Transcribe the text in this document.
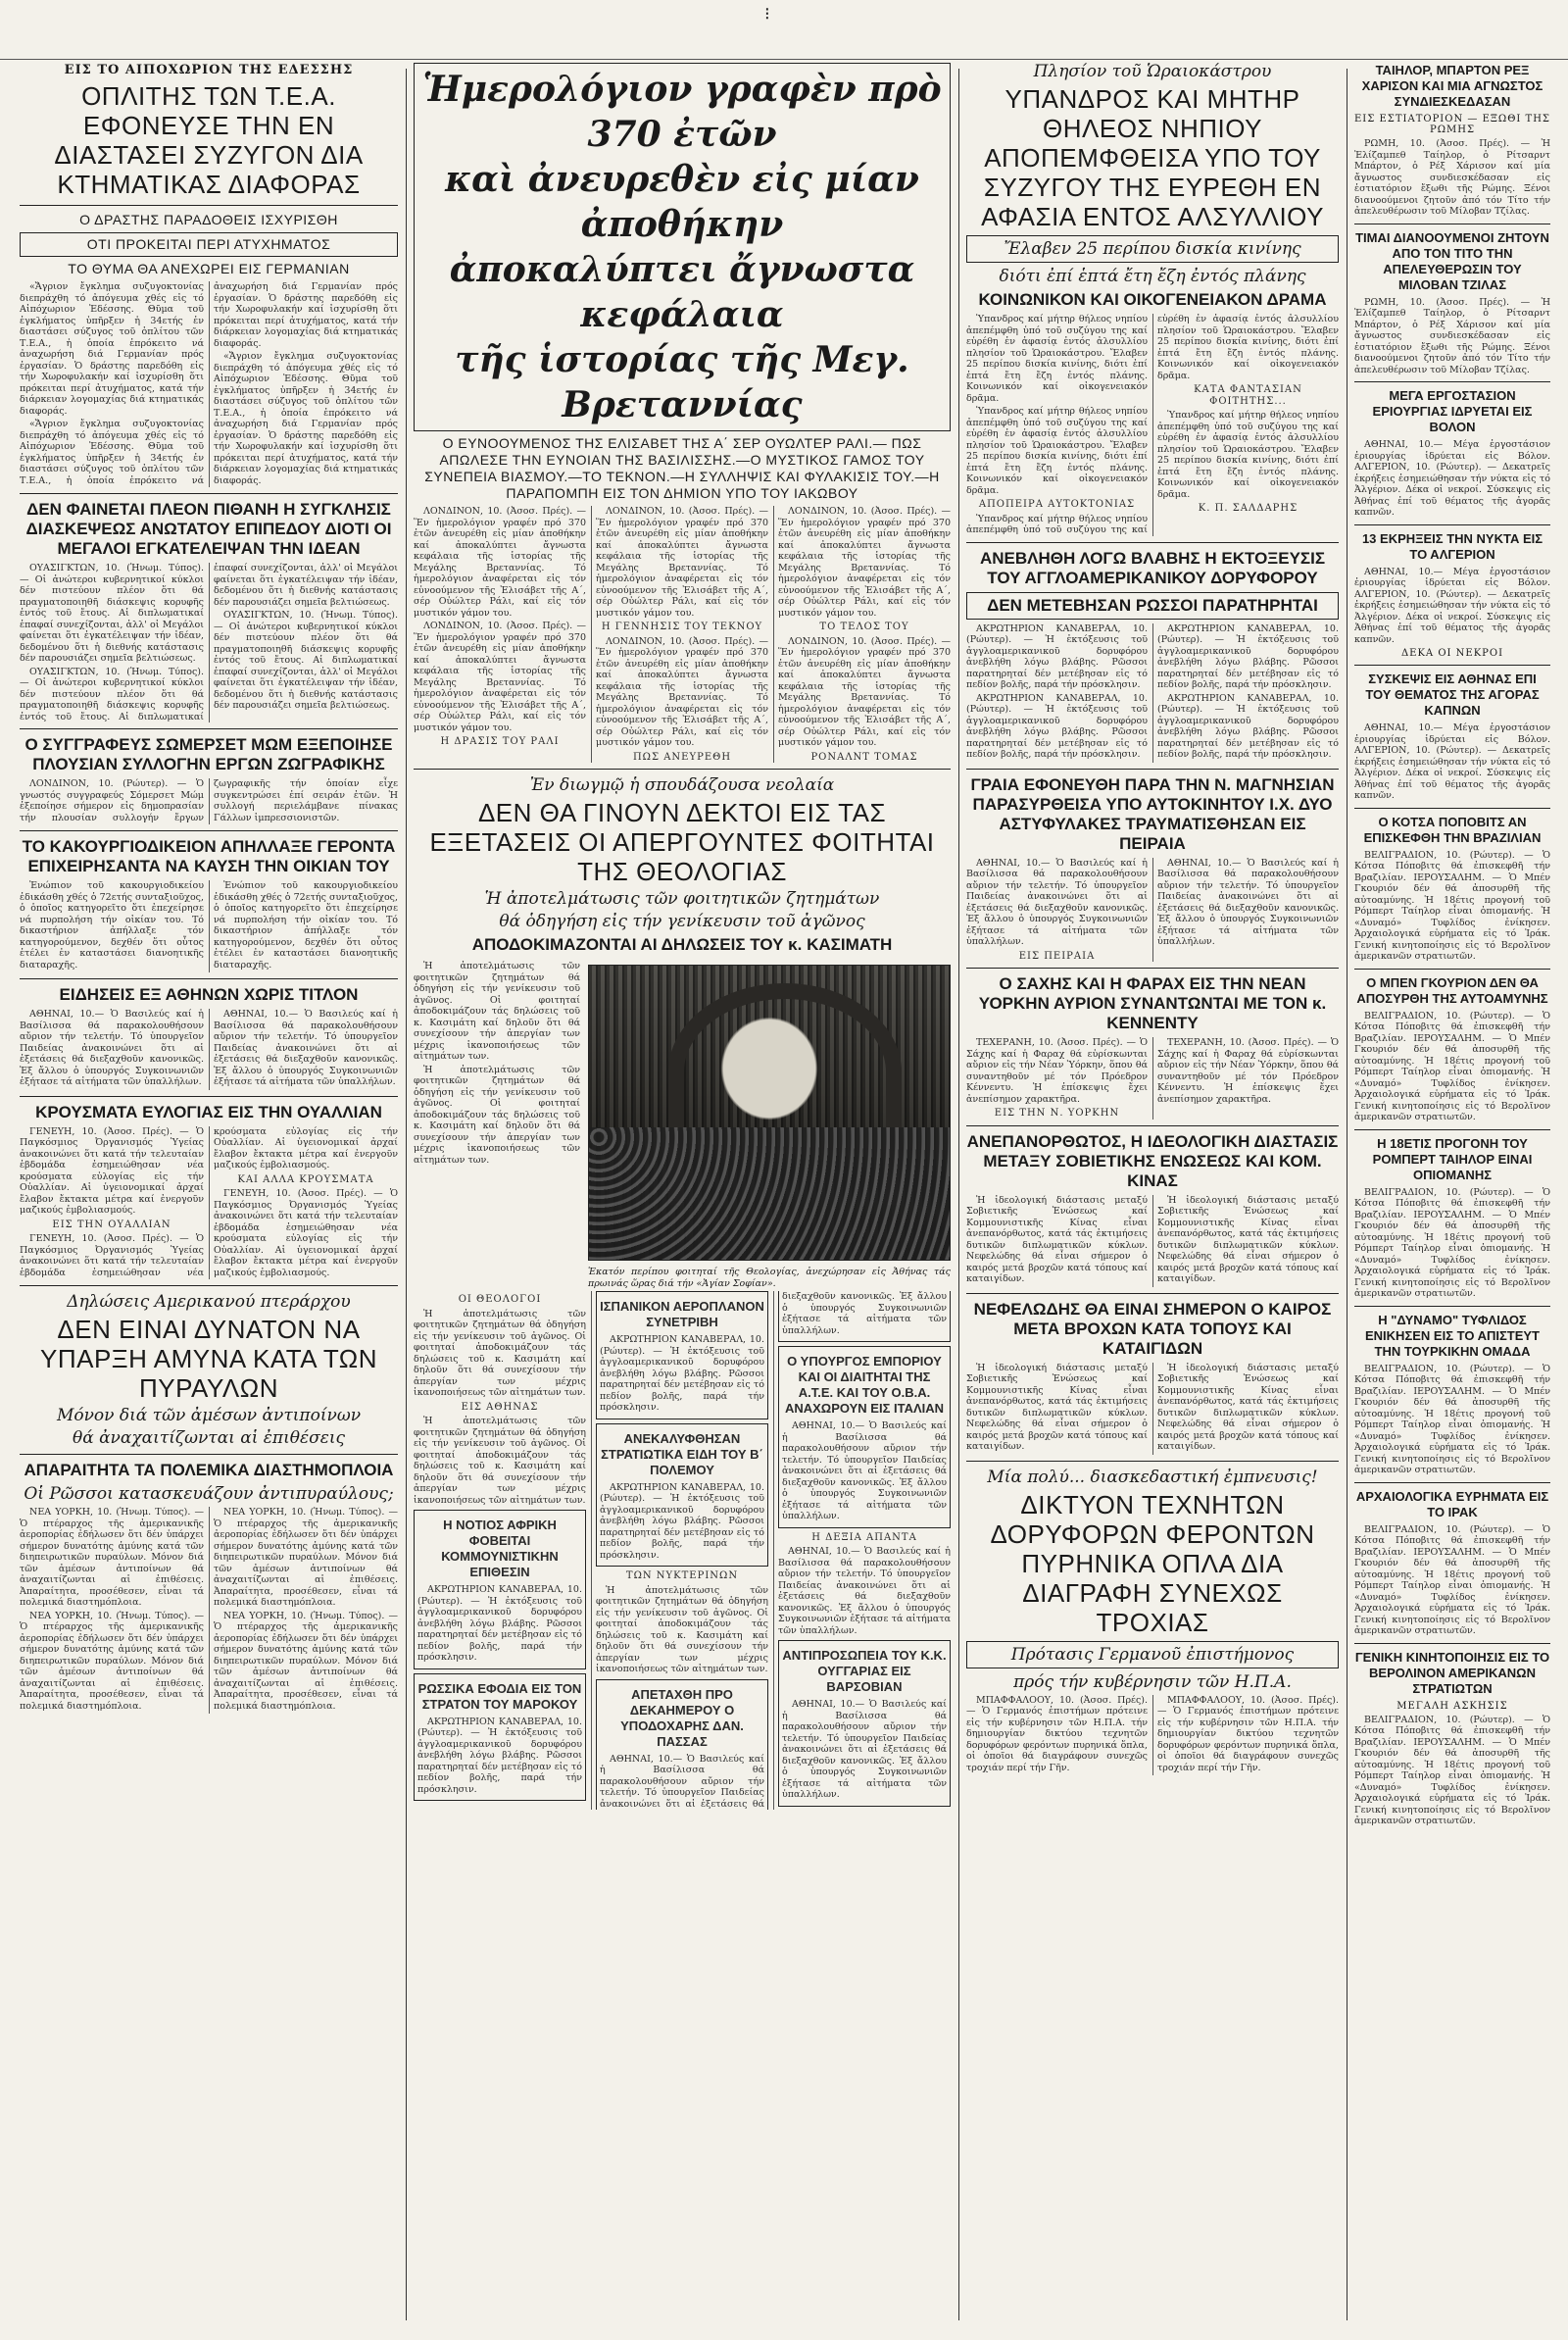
⁝
ΕΙΣ ΤΟ ΑΙΠΟΧΩΡΙΟΝ ΤΗΣ ΕΔΕΣΣΗΣ
ΟΠΛΙΤΗΣ ΤΩΝ Τ.Ε.Α. ΕΦΟΝΕΥΣΕ ΤΗΝ ΕΝ ΔΙΑΣΤΑΣΕΙ ΣΥΖΥΓΟΝ ΔΙΑ ΚΤΗΜΑΤΙΚΑΣ ΔΙΑΦΟΡΑΣ
Ο ΔΡΑΣΤΗΣ ΠΑΡΑΔΟΘΕΙΣ ΙΣΧΥΡΙΣΘΗ
ΟΤΙ ΠΡΟΚΕΙΤΑΙ ΠΕΡΙ ΑΤΥΧΗΜΑΤΟΣ
ΤΟ ΘΥΜΑ ΘΑ ΑΝΕΧΩΡΕΙ ΕΙΣ ΓΕΡΜΑΝΙΑΝ

«Ἄγριον ἔγκλημα συζυγοκτονίας διεπράχθη τό ἀπόγευμα χθές εἰς τό Αἰπόχωριον Ἐδέσσης. Θῦμα τοῦ ἐγκλήματος ὑπῆρξεν ἡ 34ετής ἐν διαστάσει σύζυγος τοῦ ὁπλίτου τῶν Τ.Ε.Α., ἡ ὁποία ἐπρόκειτο νά ἀναχωρήση διά Γερμανίαν πρός ἐργασίαν. Ὁ δράστης παρεδόθη εἰς τήν Χωροφυλακήν καί ἰσχυρίσθη ὅτι πρόκειται περί ἀτυχήματος, κατά τήν διάρκειαν λογομαχίας διά κτηματικάς διαφοράς.

«Ἄγριον ἔγκλημα συζυγοκτονίας διεπράχθη τό ἀπόγευμα χθές εἰς τό Αἰπόχωριον Ἐδέσσης. Θῦμα τοῦ ἐγκλήματος ὑπῆρξεν ἡ 34ετής ἐν διαστάσει σύζυγος τοῦ ὁπλίτου τῶν Τ.Ε.Α., ἡ ὁποία ἐπρόκειτο νά ἀναχωρήση διά Γερμανίαν πρός ἐργασίαν. Ὁ δράστης παρεδόθη εἰς τήν Χωροφυλακήν καί ἰσχυρίσθη ὅτι πρόκειται περί ἀτυχήματος, κατά τήν διάρκειαν λογομαχίας διά κτηματικάς διαφοράς.

«Ἄγριον ἔγκλημα συζυγοκτονίας διεπράχθη τό ἀπόγευμα χθές εἰς τό Αἰπόχωριον Ἐδέσσης. Θῦμα τοῦ ἐγκλήματος ὑπῆρξεν ἡ 34ετής ἐν διαστάσει σύζυγος τοῦ ὁπλίτου τῶν Τ.Ε.Α., ἡ ὁποία ἐπρόκειτο νά ἀναχωρήση διά Γερμανίαν πρός ἐργασίαν. Ὁ δράστης παρεδόθη εἰς τήν Χωροφυλακήν καί ἰσχυρίσθη ὅτι πρόκειται περί ἀτυχήματος, κατά τήν διάρκειαν λογομαχίας διά κτηματικάς διαφοράς.

ΔΕΝ ΦΑΙΝΕΤΑΙ ΠΛΕΟΝ ΠΙΘΑΝΗ Η ΣΥΓΚΛΗΣΙΣ ΔΙΑΣΚΕΨΕΩΣ ΑΝΩΤΑΤΟΥ ΕΠΙΠΕΔΟΥ ΔΙΟΤΙ ΟΙ ΜΕΓΑΛΟΙ ΕΓΚΑΤΕΛΕΙΨΑΝ ΤΗΝ ΙΔΕΑΝ

ΟΥΑΣΙΓΚΤΩΝ, 10. (Ἡνωμ. Τύπος). — Οἱ ἀνώτεροι κυβερνητικοί κύκλοι δέν πιστεύουν πλέον ὅτι θά πραγματοποιηθῆ διάσκεψις κορυφῆς ἐντός τοῦ ἔτους. Αἱ διπλωματικαί ἐπαφαί συνεχίζονται, ἀλλ' οἱ Μεγάλοι φαίνεται ὅτι ἐγκατέλειψαν τήν ἰδέαν, δεδομένου ὅτι ἡ διεθνής κατάστασις δέν παρουσιάζει σημεῖα βελτιώσεως.

ΟΥΑΣΙΓΚΤΩΝ, 10. (Ἡνωμ. Τύπος). — Οἱ ἀνώτεροι κυβερνητικοί κύκλοι δέν πιστεύουν πλέον ὅτι θά πραγματοποιηθῆ διάσκεψις κορυφῆς ἐντός τοῦ ἔτους. Αἱ διπλωματικαί ἐπαφαί συνεχίζονται, ἀλλ' οἱ Μεγάλοι φαίνεται ὅτι ἐγκατέλειψαν τήν ἰδέαν, δεδομένου ὅτι ἡ διεθνής κατάστασις δέν παρουσιάζει σημεῖα βελτιώσεως.

ΟΥΑΣΙΓΚΤΩΝ, 10. (Ἡνωμ. Τύπος). — Οἱ ἀνώτεροι κυβερνητικοί κύκλοι δέν πιστεύουν πλέον ὅτι θά πραγματοποιηθῆ διάσκεψις κορυφῆς ἐντός τοῦ ἔτους. Αἱ διπλωματικαί ἐπαφαί συνεχίζονται, ἀλλ' οἱ Μεγάλοι φαίνεται ὅτι ἐγκατέλειψαν τήν ἰδέαν, δεδομένου ὅτι ἡ διεθνής κατάστασις δέν παρουσιάζει σημεῖα βελτιώσεως.

Ο ΣΥΓΓΡΑΦΕΥΣ ΣΩΜΕΡΣΕΤ ΜΩΜ ΕΞΕΠΟΙΗΣΕ ΠΛΟΥΣΙΑΝ ΣΥΛΛΟΓΗΝ ΕΡΓΩΝ ΖΩΓΡΑΦΙΚΗΣ

ΛΟΝΔΙΝΟΝ, 10. (Ρώυτερ). — Ὁ γνωστός συγγραφεύς Σόμερσετ Μώμ ἐξεποίησε σήμερον εἰς δημοπρασίαν τήν πλουσίαν συλλογήν ἔργων ζωγραφικῆς τήν ὁποίαν εἶχε συγκεντρώσει ἐπί σειράν ἐτῶν. Ἡ συλλογή περιελάμβανε πίνακας Γάλλων ἱμπρεσσιονιστῶν.

ΤΟ ΚΑΚΟΥΡΓΙΟΔΙΚΕΙΟΝ ΑΠΗΛΛΑΞΕ ΓΕΡΟΝΤΑ ΕΠΙΧΕΙΡΗΣΑΝΤΑ ΝΑ ΚΑΥΣΗ ΤΗΝ ΟΙΚΙΑΝ ΤΟΥ

Ἐνώπιον τοῦ κακουργιοδικείου ἐδικάσθη χθές ὁ 72ετής συνταξιοῦχος, ὁ ὁποῖος κατηγορεῖτο ὅτι ἐπεχείρησε νά πυρπολήση τήν οἰκίαν του. Τό δικαστήριον ἀπήλλαξε τόν κατηγορούμενον, δεχθέν ὅτι οὗτος ἐτέλει ἐν καταστάσει διανοητικῆς διαταραχῆς.

Ἐνώπιον τοῦ κακουργιοδικείου ἐδικάσθη χθές ὁ 72ετής συνταξιοῦχος, ὁ ὁποῖος κατηγορεῖτο ὅτι ἐπεχείρησε νά πυρπολήση τήν οἰκίαν του. Τό δικαστήριον ἀπήλλαξε τόν κατηγορούμενον, δεχθέν ὅτι οὗτος ἐτέλει ἐν καταστάσει διανοητικῆς διαταραχῆς.

ΕΙΔΗΣΕΙΣ ΕΞ ΑΘΗΝΩΝ ΧΩΡΙΣ ΤΙΤΛΟΝ

ΑΘΗΝΑΙ, 10.— Ὁ Βασιλεύς καί ἡ Βασίλισσα θά παρακολουθήσουν αὔριον τήν τελετήν. Τό ὑπουργεῖον Παιδείας ἀνακοινώνει ὅτι αἱ ἐξετάσεις θά διεξαχθοῦν κανονικῶς. Ἐξ ἄλλου ὁ ὑπουργός Συγκοινωνιῶν ἐξήτασε τά αἰτήματα τῶν ὑπαλλήλων.

ΑΘΗΝΑΙ, 10.— Ὁ Βασιλεύς καί ἡ Βασίλισσα θά παρακολουθήσουν αὔριον τήν τελετήν. Τό ὑπουργεῖον Παιδείας ἀνακοινώνει ὅτι αἱ ἐξετάσεις θά διεξαχθοῦν κανονικῶς. Ἐξ ἄλλου ὁ ὑπουργός Συγκοινωνιῶν ἐξήτασε τά αἰτήματα τῶν ὑπαλλήλων.

ΚΡΟΥΣΜΑΤΑ ΕΥΛΟΓΙΑΣ ΕΙΣ ΤΗΝ ΟΥΑΛΛΙΑΝ

ΓΕΝΕΥΗ, 10. (Ἀσοσ. Πρές). — Ὁ Παγκόσμιος Ὀργανισμός Ὑγείας ἀνακοινώνει ὅτι κατά τήν τελευταίαν ἑβδομάδα ἐσημειώθησαν νέα κρούσματα εὐλογίας εἰς τήν Οὐαλλίαν. Αἱ ὑγειονομικαί ἀρχαί ἔλαβον ἔκτακτα μέτρα καί ἐνεργοῦν μαζικούς ἐμβολιασμούς.

ΕΙΣ ΤΗΝ ΟΥΑΛΛΙΑΝ

ΓΕΝΕΥΗ, 10. (Ἀσοσ. Πρές). — Ὁ Παγκόσμιος Ὀργανισμός Ὑγείας ἀνακοινώνει ὅτι κατά τήν τελευταίαν ἑβδομάδα ἐσημειώθησαν νέα κρούσματα εὐλογίας εἰς τήν Οὐαλλίαν. Αἱ ὑγειονομικαί ἀρχαί ἔλαβον ἔκτακτα μέτρα καί ἐνεργοῦν μαζικούς ἐμβολιασμούς.

ΚΑΙ ΑΛΛΑ ΚΡΟΥΣΜΑΤΑ

ΓΕΝΕΥΗ, 10. (Ἀσοσ. Πρές). — Ὁ Παγκόσμιος Ὀργανισμός Ὑγείας ἀνακοινώνει ὅτι κατά τήν τελευταίαν ἑβδομάδα ἐσημειώθησαν νέα κρούσματα εὐλογίας εἰς τήν Οὐαλλίαν. Αἱ ὑγειονομικαί ἀρχαί ἔλαβον ἔκτακτα μέτρα καί ἐνεργοῦν μαζικούς ἐμβολιασμούς.

Δηλώσεις Αμερικανού πτεράρχου
ΔΕΝ ΕΙΝΑΙ ΔΥΝΑΤΟΝ ΝΑ ΥΠΑΡΞΗ ΑΜΥΝΑ ΚΑΤΑ ΤΩΝ ΠΥΡΑΥΛΩΝ
Μόνον διά τῶν ἀμέσων ἀντιποίνων
θά ἀναχαιτίζωνται αἱ ἐπιθέσεις
ΑΠΑΡΑΙΤΗΤΑ ΤΑ ΠΟΛΕΜΙΚΑ ΔΙΑΣΤΗΜΟΠΛΟΙΑ
Οἱ Ρῶσσοι κατασκευάζουν ἀντιπυραύλους;

ΝΕΑ ΥΟΡΚΗ, 10. (Ἡνωμ. Τύπος). — Ὁ πτέραρχος τῆς ἀμερικανικῆς ἀεροπορίας ἐδήλωσεν ὅτι δέν ὑπάρχει σήμερον δυνατότης ἀμύνης κατά τῶν διηπειρωτικῶν πυραύλων. Μόνον διά τῶν ἀμέσων ἀντιποίνων θά ἀναχαιτίζωνται αἱ ἐπιθέσεις. Ἀπαραίτητα, προσέθεσεν, εἶναι τά πολεμικά διαστημόπλοια.

ΝΕΑ ΥΟΡΚΗ, 10. (Ἡνωμ. Τύπος). — Ὁ πτέραρχος τῆς ἀμερικανικῆς ἀεροπορίας ἐδήλωσεν ὅτι δέν ὑπάρχει σήμερον δυνατότης ἀμύνης κατά τῶν διηπειρωτικῶν πυραύλων. Μόνον διά τῶν ἀμέσων ἀντιποίνων θά ἀναχαιτίζωνται αἱ ἐπιθέσεις. Ἀπαραίτητα, προσέθεσεν, εἶναι τά πολεμικά διαστημόπλοια.

ΝΕΑ ΥΟΡΚΗ, 10. (Ἡνωμ. Τύπος). — Ὁ πτέραρχος τῆς ἀμερικανικῆς ἀεροπορίας ἐδήλωσεν ὅτι δέν ὑπάρχει σήμερον δυνατότης ἀμύνης κατά τῶν διηπειρωτικῶν πυραύλων. Μόνον διά τῶν ἀμέσων ἀντιποίνων θά ἀναχαιτίζωνται αἱ ἐπιθέσεις. Ἀπαραίτητα, προσέθεσεν, εἶναι τά πολεμικά διαστημόπλοια.

ΝΕΑ ΥΟΡΚΗ, 10. (Ἡνωμ. Τύπος). — Ὁ πτέραρχος τῆς ἀμερικανικῆς ἀεροπορίας ἐδήλωσεν ὅτι δέν ὑπάρχει σήμερον δυνατότης ἀμύνης κατά τῶν διηπειρωτικῶν πυραύλων. Μόνον διά τῶν ἀμέσων ἀντιποίνων θά ἀναχαιτίζωνται αἱ ἐπιθέσεις. Ἀπαραίτητα, προσέθεσεν, εἶναι τά πολεμικά διαστημόπλοια.

Ἡμερολόγιον γραφὲν πρὸ 370 ἐτῶν
καὶ ἀνευρεθὲν εἰς μίαν ἀποθήκην
ἀποκαλύπτει ἄγνωστα κεφάλαια
τῆς ἱστορίας τῆς Μεγ. Βρεταννίας
Ο ΕΥΝΟΟΥΜΕΝΟΣ ΤΗΣ ΕΛΙΣΑΒΕΤ ΤΗΣ Α΄ ΣΕΡ ΟΥΩΛΤΕΡ ΡΑΛΙ.— ΠΩΣ ΑΠΩΛΕΣΕ ΤΗΝ ΕΥΝΟΙΑΝ ΤΗΣ ΒΑΣΙΛΙΣΣΗΣ.—Ο ΜΥΣΤΙΚΟΣ ΓΑΜΟΣ ΤΟΥ ΣΥΝΕΠΕΙΑ ΒΙΑΣΜΟΥ.—ΤΟ ΤΕΚΝΟΝ.—Η ΣΥΛΛΗΨΙΣ ΚΑΙ ΦΥΛΑΚΙΣΙΣ ΤΟΥ.—Η ΠΑΡΑΠΟΜΠΗ ΕΙΣ ΤΟΝ ΔΗΜΙΟΝ ΥΠΟ ΤΟΥ ΙΑΚΩΒΟΥ

ΛΟΝΔΙΝΟΝ, 10. (Ἀσοσ. Πρές). — Ἕν ἡμερολόγιον γραφέν πρό 370 ἐτῶν ἀνευρέθη εἰς μίαν ἀποθήκην καί ἀποκαλύπτει ἄγνωστα κεφάλαια τῆς ἱστορίας τῆς Μεγάλης Βρεταννίας. Τό ἡμερολόγιον ἀναφέρεται εἰς τόν εὐνοούμενον τῆς Ἐλισάβετ τῆς Α΄, σέρ Οὐώλτερ Ράλι, καί εἰς τόν μυστικόν γάμον του.

ΛΟΝΔΙΝΟΝ, 10. (Ἀσοσ. Πρές). — Ἕν ἡμερολόγιον γραφέν πρό 370 ἐτῶν ἀνευρέθη εἰς μίαν ἀποθήκην καί ἀποκαλύπτει ἄγνωστα κεφάλαια τῆς ἱστορίας τῆς Μεγάλης Βρεταννίας. Τό ἡμερολόγιον ἀναφέρεται εἰς τόν εὐνοούμενον τῆς Ἐλισάβετ τῆς Α΄, σέρ Οὐώλτερ Ράλι, καί εἰς τόν μυστικόν γάμον του.

Η ΔΡΑΣΙΣ ΤΟΥ ΡΑΛΙ

ΛΟΝΔΙΝΟΝ, 10. (Ἀσοσ. Πρές). — Ἕν ἡμερολόγιον γραφέν πρό 370 ἐτῶν ἀνευρέθη εἰς μίαν ἀποθήκην καί ἀποκαλύπτει ἄγνωστα κεφάλαια τῆς ἱστορίας τῆς Μεγάλης Βρεταννίας. Τό ἡμερολόγιον ἀναφέρεται εἰς τόν εὐνοούμενον τῆς Ἐλισάβετ τῆς Α΄, σέρ Οὐώλτερ Ράλι, καί εἰς τόν μυστικόν γάμον του.

Η ΓΕΝΝΗΣΙΣ ΤΟΥ ΤΕΚΝΟΥ

ΛΟΝΔΙΝΟΝ, 10. (Ἀσοσ. Πρές). — Ἕν ἡμερολόγιον γραφέν πρό 370 ἐτῶν ἀνευρέθη εἰς μίαν ἀποθήκην καί ἀποκαλύπτει ἄγνωστα κεφάλαια τῆς ἱστορίας τῆς Μεγάλης Βρεταννίας. Τό ἡμερολόγιον ἀναφέρεται εἰς τόν εὐνοούμενον τῆς Ἐλισάβετ τῆς Α΄, σέρ Οὐώλτερ Ράλι, καί εἰς τόν μυστικόν γάμον του.

ΠΩΣ ΑΝΕΥΡΕΘΗ

ΛΟΝΔΙΝΟΝ, 10. (Ἀσοσ. Πρές). — Ἕν ἡμερολόγιον γραφέν πρό 370 ἐτῶν ἀνευρέθη εἰς μίαν ἀποθήκην καί ἀποκαλύπτει ἄγνωστα κεφάλαια τῆς ἱστορίας τῆς Μεγάλης Βρεταννίας. Τό ἡμερολόγιον ἀναφέρεται εἰς τόν εὐνοούμενον τῆς Ἐλισάβετ τῆς Α΄, σέρ Οὐώλτερ Ράλι, καί εἰς τόν μυστικόν γάμον του.

ΤΟ ΤΕΛΟΣ ΤΟΥ

ΛΟΝΔΙΝΟΝ, 10. (Ἀσοσ. Πρές). — Ἕν ἡμερολόγιον γραφέν πρό 370 ἐτῶν ἀνευρέθη εἰς μίαν ἀποθήκην καί ἀποκαλύπτει ἄγνωστα κεφάλαια τῆς ἱστορίας τῆς Μεγάλης Βρεταννίας. Τό ἡμερολόγιον ἀναφέρεται εἰς τόν εὐνοούμενον τῆς Ἐλισάβετ τῆς Α΄, σέρ Οὐώλτερ Ράλι, καί εἰς τόν μυστικόν γάμον του.

ΡΟΝΑΛΝΤ ΤΟΜΑΣ
Ἐν διωγμῷ ἡ σπουδάζουσα νεολαία
ΔΕΝ ΘΑ ΓΙΝΟΥΝ ΔΕΚΤΟΙ ΕΙΣ ΤΑΣ ΕΞΕΤΑΣΕΙΣ ΟΙ ΑΠΕΡΓΟΥΝΤΕΣ ΦΟΙΤΗΤΑΙ ΤΗΣ ΘΕΟΛΟΓΙΑΣ
Ἡ ἀποτελμάτωσις τῶν φοιτητικῶν ζητημάτων
θά ὁδηγήση εἰς τήν γενίκευσιν τοῦ ἀγῶνος
ΑΠΟΔΟΚΙΜΑΖΟΝΤΑΙ ΑΙ ΔΗΛΩΣΕΙΣ ΤΟΥ κ. ΚΑΣΙΜΑΤΗ

Ἡ ἀποτελμάτωσις τῶν φοιτητικῶν ζητημάτων θά ὁδηγήση εἰς τήν γενίκευσιν τοῦ ἀγῶνος. Οἱ φοιτηταί ἀποδοκιμάζουν τάς δηλώσεις τοῦ κ. Κασιμάτη καί δηλοῦν ὅτι θά συνεχίσουν τήν ἀπεργίαν των μέχρις ἱκανοποιήσεως τῶν αἰτημάτων των.

Ἡ ἀποτελμάτωσις τῶν φοιτητικῶν ζητημάτων θά ὁδηγήση εἰς τήν γενίκευσιν τοῦ ἀγῶνος. Οἱ φοιτηταί ἀποδοκιμάζουν τάς δηλώσεις τοῦ κ. Κασιμάτη καί δηλοῦν ὅτι θά συνεχίσουν τήν ἀπεργίαν των μέχρις ἱκανοποιήσεως τῶν αἰτημάτων των.

Ἑκατόν περίπου φοιτηταί τῆς Θεολογίας, ἀνεχώρησαν εἰς Ἀθήνας τάς πρωινάς ὥρας διά τήν «Ἁγίαν Σοφίαν».
ΟΙ ΘΕΟΛΟΓΟΙ

Ἡ ἀποτελμάτωσις τῶν φοιτητικῶν ζητημάτων θά ὁδηγήση εἰς τήν γενίκευσιν τοῦ ἀγῶνος. Οἱ φοιτηταί ἀποδοκιμάζουν τάς δηλώσεις τοῦ κ. Κασιμάτη καί δηλοῦν ὅτι θά συνεχίσουν τήν ἀπεργίαν των μέχρις ἱκανοποιήσεως τῶν αἰτημάτων των.

ΕΙΣ ΑΘΗΝΑΣ

Ἡ ἀποτελμάτωσις τῶν φοιτητικῶν ζητημάτων θά ὁδηγήση εἰς τήν γενίκευσιν τοῦ ἀγῶνος. Οἱ φοιτηταί ἀποδοκιμάζουν τάς δηλώσεις τοῦ κ. Κασιμάτη καί δηλοῦν ὅτι θά συνεχίσουν τήν ἀπεργίαν των μέχρις ἱκανοποιήσεως τῶν αἰτημάτων των.

Η ΝΟΤΙΟΣ ΑΦΡΙΚΗ ΦΟΒΕΙΤΑΙ ΚΟΜΜΟΥΝΙΣΤΙΚΗΝ ΕΠΙΘΕΣΙΝ

ΑΚΡΩΤΗΡΙΟΝ ΚΑΝΑΒΕΡΑΛ, 10. (Ρώυτερ). — Ἡ ἐκτόξευσις τοῦ ἀγγλοαμερικανικοῦ δορυφόρου ἀνεβλήθη λόγω βλάβης. Ρῶσσοι παρατηρηταί δέν μετέβησαν εἰς τό πεδίον βολῆς, παρά τήν πρόσκλησιν.

ΡΩΣΣΙΚΑ ΕΦΟΔΙΑ ΕΙΣ ΤΟΝ ΣΤΡΑΤΟΝ ΤΟΥ ΜΑΡΟΚΟΥ

ΑΚΡΩΤΗΡΙΟΝ ΚΑΝΑΒΕΡΑΛ, 10. (Ρώυτερ). — Ἡ ἐκτόξευσις τοῦ ἀγγλοαμερικανικοῦ δορυφόρου ἀνεβλήθη λόγω βλάβης. Ρῶσσοι παρατηρηταί δέν μετέβησαν εἰς τό πεδίον βολῆς, παρά τήν πρόσκλησιν.

ΙΣΠΑΝΙΚΟΝ ΑΕΡΟΠΛΑΝΟΝ ΣΥΝΕΤΡΙΒΗ

ΑΚΡΩΤΗΡΙΟΝ ΚΑΝΑΒΕΡΑΛ, 10. (Ρώυτερ). — Ἡ ἐκτόξευσις τοῦ ἀγγλοαμερικανικοῦ δορυφόρου ἀνεβλήθη λόγω βλάβης. Ρῶσσοι παρατηρηταί δέν μετέβησαν εἰς τό πεδίον βολῆς, παρά τήν πρόσκλησιν.

ΑΝΕΚΑΛΥΦΘΗΣΑΝ ΣΤΡΑΤΙΩΤΙΚΑ ΕΙΔΗ ΤΟΥ Β΄ ΠΟΛΕΜΟΥ

ΑΚΡΩΤΗΡΙΟΝ ΚΑΝΑΒΕΡΑΛ, 10. (Ρώυτερ). — Ἡ ἐκτόξευσις τοῦ ἀγγλοαμερικανικοῦ δορυφόρου ἀνεβλήθη λόγω βλάβης. Ρῶσσοι παρατηρηταί δέν μετέβησαν εἰς τό πεδίον βολῆς, παρά τήν πρόσκλησιν.

ΤΩΝ ΝΥΚΤΕΡΙΝΩΝ

Ἡ ἀποτελμάτωσις τῶν φοιτητικῶν ζητημάτων θά ὁδηγήση εἰς τήν γενίκευσιν τοῦ ἀγῶνος. Οἱ φοιτηταί ἀποδοκιμάζουν τάς δηλώσεις τοῦ κ. Κασιμάτη καί δηλοῦν ὅτι θά συνεχίσουν τήν ἀπεργίαν των μέχρις ἱκανοποιήσεως τῶν αἰτημάτων των.

ΑΠΕΤΑΧΘΗ ΠΡΟ ΔΕΚΑΗΜΕΡΟΥ Ο ΥΠΟΔΟΧΑΡΗΣ ΔΑΝ. ΠΑΣΣΑΣ

ΑΘΗΝΑΙ, 10.— Ὁ Βασιλεύς καί ἡ Βασίλισσα θά παρακολουθήσουν αὔριον τήν τελετήν. Τό ὑπουργεῖον Παιδείας ἀνακοινώνει ὅτι αἱ ἐξετάσεις θά διεξαχθοῦν κανονικῶς. Ἐξ ἄλλου ὁ ὑπουργός Συγκοινωνιῶν ἐξήτασε τά αἰτήματα τῶν ὑπαλλήλων.

Ο ΥΠΟΥΡΓΟΣ ΕΜΠΟΡΙΟΥ ΚΑΙ ΟΙ ΔΙΑΙΤΗΤΑΙ ΤΗΣ Α.Τ.Ε. ΚΑΙ ΤΟΥ Ο.Β.Α. ΑΝΑΧΩΡΟΥΝ ΕΙΣ ΙΤΑΛΙΑΝ

ΑΘΗΝΑΙ, 10.— Ὁ Βασιλεύς καί ἡ Βασίλισσα θά παρακολουθήσουν αὔριον τήν τελετήν. Τό ὑπουργεῖον Παιδείας ἀνακοινώνει ὅτι αἱ ἐξετάσεις θά διεξαχθοῦν κανονικῶς. Ἐξ ἄλλου ὁ ὑπουργός Συγκοινωνιῶν ἐξήτασε τά αἰτήματα τῶν ὑπαλλήλων.

Η ΔΕΞΙΑ ΑΠΑΝΤΑ

ΑΘΗΝΑΙ, 10.— Ὁ Βασιλεύς καί ἡ Βασίλισσα θά παρακολουθήσουν αὔριον τήν τελετήν. Τό ὑπουργεῖον Παιδείας ἀνακοινώνει ὅτι αἱ ἐξετάσεις θά διεξαχθοῦν κανονικῶς. Ἐξ ἄλλου ὁ ὑπουργός Συγκοινωνιῶν ἐξήτασε τά αἰτήματα τῶν ὑπαλλήλων.

ΑΝΤΙΠΡΟΣΩΠΕΙΑ ΤΟΥ Κ.Κ. ΟΥΓΓΑΡΙΑΣ ΕΙΣ ΒΑΡΣΟΒΙΑΝ

ΑΘΗΝΑΙ, 10.— Ὁ Βασιλεύς καί ἡ Βασίλισσα θά παρακολουθήσουν αὔριον τήν τελετήν. Τό ὑπουργεῖον Παιδείας ἀνακοινώνει ὅτι αἱ ἐξετάσεις θά διεξαχθοῦν κανονικῶς. Ἐξ ἄλλου ὁ ὑπουργός Συγκοινωνιῶν ἐξήτασε τά αἰτήματα τῶν ὑπαλλήλων.

Πλησίον τοῦ Ὡραιοκάστρου
ΥΠΑΝΔΡΟΣ ΚΑΙ ΜΗΤΗΡ ΘΗΛΕΟΣ ΝΗΠΙΟΥ ΑΠΟΠΕΜΦΘΕΙΣΑ ΥΠΟ ΤΟΥ ΣΥΖΥΓΟΥ ΤΗΣ ΕΥΡΕΘΗ ΕΝ ΑΦΑΣΙΑ ΕΝΤΟΣ ΑΛΣΥΛΛΙΟΥ
Ἔλαβεν 25 περίπου δισκία κινίνης
διότι ἐπί ἑπτά ἔτη ἔζη ἐντός πλάνης
ΚΟΙΝΩΝΙΚΟΝ ΚΑΙ ΟΙΚΟΓΕΝΕΙΑΚΟΝ ΔΡΑΜΑ

Ὑπανδρος καί μήτηρ θήλεος νηπίου ἀπεπέμφθη ὑπό τοῦ συζύγου της καί εὑρέθη ἐν ἀφασίᾳ ἐντός ἀλσυλλίου πλησίον τοῦ Ὡραιοκάστρου. Ἔλαβεν 25 περίπου δισκία κινίνης, διότι ἐπί ἑπτά ἔτη ἔζη ἐντός πλάνης. Κοινωνικόν καί οἰκογενειακόν δρᾶμα.

Ὑπανδρος καί μήτηρ θήλεος νηπίου ἀπεπέμφθη ὑπό τοῦ συζύγου της καί εὑρέθη ἐν ἀφασίᾳ ἐντός ἀλσυλλίου πλησίον τοῦ Ὡραιοκάστρου. Ἔλαβεν 25 περίπου δισκία κινίνης, διότι ἐπί ἑπτά ἔτη ἔζη ἐντός πλάνης. Κοινωνικόν καί οἰκογενειακόν δρᾶμα.

ΑΠΟΠΕΙΡΑ ΑΥΤΟΚΤΟΝΙΑΣ

Ὑπανδρος καί μήτηρ θήλεος νηπίου ἀπεπέμφθη ὑπό τοῦ συζύγου της καί εὑρέθη ἐν ἀφασίᾳ ἐντός ἀλσυλλίου πλησίον τοῦ Ὡραιοκάστρου. Ἔλαβεν 25 περίπου δισκία κινίνης, διότι ἐπί ἑπτά ἔτη ἔζη ἐντός πλάνης. Κοινωνικόν καί οἰκογενειακόν δρᾶμα.

ΚΑΤΑ ΦΑΝΤΑΣΙΑΝ ΦΟΙΤΗΤΗΣ...

Ὑπανδρος καί μήτηρ θήλεος νηπίου ἀπεπέμφθη ὑπό τοῦ συζύγου της καί εὑρέθη ἐν ἀφασίᾳ ἐντός ἀλσυλλίου πλησίον τοῦ Ὡραιοκάστρου. Ἔλαβεν 25 περίπου δισκία κινίνης, διότι ἐπί ἑπτά ἔτη ἔζη ἐντός πλάνης. Κοινωνικόν καί οἰκογενειακόν δρᾶμα.

Κ. Π. ΣΑΛΔΑΡΗΣ
ΑΝΕΒΛΗΘΗ ΛΟΓΩ ΒΛΑΒΗΣ Η ΕΚΤΟΞΕΥΣΙΣ ΤΟΥ ΑΓΓΛΟΑΜΕΡΙΚΑΝΙΚΟΥ ΔΟΡΥΦΟΡΟΥ
ΔΕΝ ΜΕΤΕΒΗΣΑΝ ΡΩΣΣΟΙ ΠΑΡΑΤΗΡΗΤΑΙ

ΑΚΡΩΤΗΡΙΟΝ ΚΑΝΑΒΕΡΑΛ, 10. (Ρώυτερ). — Ἡ ἐκτόξευσις τοῦ ἀγγλοαμερικανικοῦ δορυφόρου ἀνεβλήθη λόγω βλάβης. Ρῶσσοι παρατηρηταί δέν μετέβησαν εἰς τό πεδίον βολῆς, παρά τήν πρόσκλησιν.

ΑΚΡΩΤΗΡΙΟΝ ΚΑΝΑΒΕΡΑΛ, 10. (Ρώυτερ). — Ἡ ἐκτόξευσις τοῦ ἀγγλοαμερικανικοῦ δορυφόρου ἀνεβλήθη λόγω βλάβης. Ρῶσσοι παρατηρηταί δέν μετέβησαν εἰς τό πεδίον βολῆς, παρά τήν πρόσκλησιν.

ΑΚΡΩΤΗΡΙΟΝ ΚΑΝΑΒΕΡΑΛ, 10. (Ρώυτερ). — Ἡ ἐκτόξευσις τοῦ ἀγγλοαμερικανικοῦ δορυφόρου ἀνεβλήθη λόγω βλάβης. Ρῶσσοι παρατηρηταί δέν μετέβησαν εἰς τό πεδίον βολῆς, παρά τήν πρόσκλησιν.

ΑΚΡΩΤΗΡΙΟΝ ΚΑΝΑΒΕΡΑΛ, 10. (Ρώυτερ). — Ἡ ἐκτόξευσις τοῦ ἀγγλοαμερικανικοῦ δορυφόρου ἀνεβλήθη λόγω βλάβης. Ρῶσσοι παρατηρηταί δέν μετέβησαν εἰς τό πεδίον βολῆς, παρά τήν πρόσκλησιν.

ΓΡΑΙΑ ΕΦΟΝΕΥΘΗ ΠΑΡΑ ΤΗΝ Ν. ΜΑΓΝΗΣΙΑΝ ΠΑΡΑΣΥΡΘΕΙΣΑ ΥΠΟ ΑΥΤΟΚΙΝΗΤΟΥ Ι.Χ. ΔΥΟ ΑΣΤΥΦΥΛΑΚΕΣ ΤΡΑΥΜΑΤΙΣΘΗΣΑΝ ΕΙΣ ΠΕΙΡΑΙΑ

ΑΘΗΝΑΙ, 10.— Ὁ Βασιλεύς καί ἡ Βασίλισσα θά παρακολουθήσουν αὔριον τήν τελετήν. Τό ὑπουργεῖον Παιδείας ἀνακοινώνει ὅτι αἱ ἐξετάσεις θά διεξαχθοῦν κανονικῶς. Ἐξ ἄλλου ὁ ὑπουργός Συγκοινωνιῶν ἐξήτασε τά αἰτήματα τῶν ὑπαλλήλων.

ΕΙΣ ΠΕΙΡΑΙΑ

ΑΘΗΝΑΙ, 10.— Ὁ Βασιλεύς καί ἡ Βασίλισσα θά παρακολουθήσουν αὔριον τήν τελετήν. Τό ὑπουργεῖον Παιδείας ἀνακοινώνει ὅτι αἱ ἐξετάσεις θά διεξαχθοῦν κανονικῶς. Ἐξ ἄλλου ὁ ὑπουργός Συγκοινωνιῶν ἐξήτασε τά αἰτήματα τῶν ὑπαλλήλων.

Ο ΣΑΧΗΣ ΚΑΙ Η ΦΑΡΑΧ ΕΙΣ ΤΗΝ ΝΕΑΝ ΥΟΡΚΗΝ ΑΥΡΙΟΝ ΣΥΝΑΝΤΩΝΤΑΙ ΜΕ ΤΟΝ κ. ΚΕΝΝΕΝΤΥ

ΤΕΧΕΡΑΝΗ, 10. (Ἀσοσ. Πρές). — Ὁ Σάχης καί ἡ Φαραχ θά εὑρίσκωνται αὔριον εἰς τήν Νέαν Ὑόρκην, ὅπου θά συναντηθοῦν μέ τόν Πρόεδρον Κέννεντυ. Ἡ ἐπίσκεψις ἔχει ἀνεπίσημον χαρακτῆρα.

ΕΙΣ ΤΗΝ Ν. ΥΟΡΚΗΝ

ΤΕΧΕΡΑΝΗ, 10. (Ἀσοσ. Πρές). — Ὁ Σάχης καί ἡ Φαραχ θά εὑρίσκωνται αὔριον εἰς τήν Νέαν Ὑόρκην, ὅπου θά συναντηθοῦν μέ τόν Πρόεδρον Κέννεντυ. Ἡ ἐπίσκεψις ἔχει ἀνεπίσημον χαρακτῆρα.

ΑΝΕΠΑΝΟΡΘΩΤΟΣ, Η ΙΔΕΟΛΟΓΙΚΗ ΔΙΑΣΤΑΣΙΣ ΜΕΤΑΞΥ ΣΟΒΙΕΤΙΚΗΣ ΕΝΩΣΕΩΣ ΚΑΙ ΚΟΜ. ΚΙΝΑΣ

Ἡ ἰδεολογική διάστασις μεταξύ Σοβιετικῆς Ἑνώσεως καί Κομμουνιστικῆς Κίνας εἶναι ἀνεπανόρθωτος, κατά τάς ἐκτιμήσεις δυτικῶν διπλωματικῶν κύκλων. Νεφελώδης θά εἶναι σήμερον ὁ καιρός μετά βροχῶν κατά τόπους καί καταιγίδων.

Ἡ ἰδεολογική διάστασις μεταξύ Σοβιετικῆς Ἑνώσεως καί Κομμουνιστικῆς Κίνας εἶναι ἀνεπανόρθωτος, κατά τάς ἐκτιμήσεις δυτικῶν διπλωματικῶν κύκλων. Νεφελώδης θά εἶναι σήμερον ὁ καιρός μετά βροχῶν κατά τόπους καί καταιγίδων.

ΝΕΦΕΛΩΔΗΣ ΘΑ ΕΙΝΑΙ ΣΗΜΕΡΟΝ Ο ΚΑΙΡΟΣ ΜΕΤΑ ΒΡΟΧΩΝ ΚΑΤΑ ΤΟΠΟΥΣ ΚΑΙ ΚΑΤΑΙΓΙΔΩΝ

Ἡ ἰδεολογική διάστασις μεταξύ Σοβιετικῆς Ἑνώσεως καί Κομμουνιστικῆς Κίνας εἶναι ἀνεπανόρθωτος, κατά τάς ἐκτιμήσεις δυτικῶν διπλωματικῶν κύκλων. Νεφελώδης θά εἶναι σήμερον ὁ καιρός μετά βροχῶν κατά τόπους καί καταιγίδων.

Ἡ ἰδεολογική διάστασις μεταξύ Σοβιετικῆς Ἑνώσεως καί Κομμουνιστικῆς Κίνας εἶναι ἀνεπανόρθωτος, κατά τάς ἐκτιμήσεις δυτικῶν διπλωματικῶν κύκλων. Νεφελώδης θά εἶναι σήμερον ὁ καιρός μετά βροχῶν κατά τόπους καί καταιγίδων.

Μία πολύ... διασκεδαστική ἐμπνευσις!
ΔΙΚΤΥΟΝ ΤΕΧΝΗΤΩΝ ΔΟΡΥΦΟΡΩΝ ΦΕΡΟΝΤΩΝ ΠΥΡΗΝΙΚΑ ΟΠΛΑ ΔΙΑ ΔΙΑΓΡΑΦΗ ΣΥΝΕΧΩΣ ΤΡΟΧΙΑΣ
Πρότασις Γερμανοῦ ἐπιστήμονος
πρός τήν κυβέρνησιν τῶν Η.Π.Α.

ΜΠΑΦΦΑΛΟΟΥ, 10. (Ἀσοσ. Πρές). — Ὁ Γερμανός ἐπιστήμων πρότεινε εἰς τήν κυβέρνησιν τῶν Η.Π.Α. τήν δημιουργίαν δικτύου τεχνητῶν δορυφόρων φερόντων πυρηνικά ὅπλα, οἱ ὁποῖοι θά διαγράφουν συνεχῶς τροχιάν περί τήν Γῆν.

ΜΠΑΦΦΑΛΟΟΥ, 10. (Ἀσοσ. Πρές). — Ὁ Γερμανός ἐπιστήμων πρότεινε εἰς τήν κυβέρνησιν τῶν Η.Π.Α. τήν δημιουργίαν δικτύου τεχνητῶν δορυφόρων φερόντων πυρηνικά ὅπλα, οἱ ὁποῖοι θά διαγράφουν συνεχῶς τροχιάν περί τήν Γῆν.

ΤΑΙΗΛΟΡ, ΜΠΑΡΤΟΝ ΡΕΞ ΧΑΡΙΣΟΝ ΚΑΙ ΜΙΑ ΑΓΝΩΣΤΟΣ ΣΥΝΔΙΕΣΚΕΔΑΣΑΝ
ΕΙΣ ΕΣΤΙΑΤΟΡΙΟΝ — ΕΞΩΘΙ ΤΗΣ ΡΩΜΗΣ

ΡΩΜΗ, 10. (Ἀσοσ. Πρές). — Ἡ Ἐλίζαμπεθ Ταίηλορ, ὁ Ρίτσαρντ Μπάρτον, ὁ Ρέξ Χάρισον καί μία ἄγνωστος συνδιεσκέδασαν εἰς ἑστιατόριον ἔξωθι τῆς Ρώμης. Ξένοι διανοούμενοι ζητοῦν ἀπό τόν Τίτο τήν ἀπελευθέρωσιν τοῦ Μίλοβαν Τζίλας.

ΤΙΜΑΙ ΔΙΑΝΟΟΥΜΕΝΟΙ ΖΗΤΟΥΝ ΑΠΟ ΤΟΝ ΤΙΤΟ ΤΗΝ ΑΠΕΛΕΥΘΕΡΩΣΙΝ ΤΟΥ ΜΙΛΟΒΑΝ ΤΖΙΛΑΣ

ΡΩΜΗ, 10. (Ἀσοσ. Πρές). — Ἡ Ἐλίζαμπεθ Ταίηλορ, ὁ Ρίτσαρντ Μπάρτον, ὁ Ρέξ Χάρισον καί μία ἄγνωστος συνδιεσκέδασαν εἰς ἑστιατόριον ἔξωθι τῆς Ρώμης. Ξένοι διανοούμενοι ζητοῦν ἀπό τόν Τίτο τήν ἀπελευθέρωσιν τοῦ Μίλοβαν Τζίλας.

ΜΕΓΑ ΕΡΓΟΣΤΑΣΙΟΝ ΕΡΙΟΥΡΓΙΑΣ ΙΔΡΥΕΤΑΙ ΕΙΣ ΒΟΛΟΝ

ΑΘΗΝΑΙ, 10.— Μέγα ἐργοστάσιον ἐριουργίας ἱδρύεται εἰς Βόλον. ΑΛΓΕΡΙΟΝ, 10. (Ρώυτερ). — Δεκατρεῖς ἐκρήξεις ἐσημειώθησαν τήν νύκτα εἰς τό Ἀλγέριον. Δέκα οἱ νεκροί. Σύσκεψις εἰς Ἀθήνας ἐπί τοῦ θέματος τῆς ἀγορᾶς καπνῶν.

13 ΕΚΡΗΞΕΙΣ ΤΗΝ ΝΥΚΤΑ ΕΙΣ ΤΟ ΑΛΓΕΡΙΟΝ

ΑΘΗΝΑΙ, 10.— Μέγα ἐργοστάσιον ἐριουργίας ἱδρύεται εἰς Βόλον. ΑΛΓΕΡΙΟΝ, 10. (Ρώυτερ). — Δεκατρεῖς ἐκρήξεις ἐσημειώθησαν τήν νύκτα εἰς τό Ἀλγέριον. Δέκα οἱ νεκροί. Σύσκεψις εἰς Ἀθήνας ἐπί τοῦ θέματος τῆς ἀγορᾶς καπνῶν.

ΔΕΚΑ ΟΙ ΝΕΚΡΟΙ
ΣΥΣΚΕΨΙΣ ΕΙΣ ΑΘΗΝΑΣ ΕΠΙ ΤΟΥ ΘΕΜΑΤΟΣ ΤΗΣ ΑΓΟΡΑΣ ΚΑΠΝΩΝ

ΑΘΗΝΑΙ, 10.— Μέγα ἐργοστάσιον ἐριουργίας ἱδρύεται εἰς Βόλον. ΑΛΓΕΡΙΟΝ, 10. (Ρώυτερ). — Δεκατρεῖς ἐκρήξεις ἐσημειώθησαν τήν νύκτα εἰς τό Ἀλγέριον. Δέκα οἱ νεκροί. Σύσκεψις εἰς Ἀθήνας ἐπί τοῦ θέματος τῆς ἀγορᾶς καπνῶν.

Ο ΚΟΤΣΑ ΠΟΠΟΒΙΤΣ ΑΝ ΕΠΙΣΚΕΦΘΗ ΤΗΝ ΒΡΑΖΙΛΙΑΝ

ΒΕΛΙΓΡΑΔΙΟΝ, 10. (Ρώυτερ). — Ὁ Κότσα Πόποβιτς θά ἐπισκεφθῆ τήν Βραζιλίαν. ΙΕΡΟΥΣΑΛΗΜ. — Ὁ Μπέν Γκουριόν δέν θά ἀποσυρθῆ τῆς αὐτοαμύνης. Ἡ 18έτις προγονή τοῦ Ρόμπερτ Ταίηλορ εἶναι ὀπιομανής. Ἡ «Δυναμό» Τυφλίδος ἐνίκησεν. Ἀρχαιολογικά εὑρήματα εἰς τό Ἰράκ. Γενική κινητοποίησις εἰς τό Βερολῖνον ἀμερικανῶν στρατιωτῶν.

Ο ΜΠΕΝ ΓΚΟΥΡΙΟΝ ΔΕΝ ΘΑ ΑΠΟΣΥΡΘΗ ΤΗΣ ΑΥΤΟΑΜΥΝΗΣ

ΒΕΛΙΓΡΑΔΙΟΝ, 10. (Ρώυτερ). — Ὁ Κότσα Πόποβιτς θά ἐπισκεφθῆ τήν Βραζιλίαν. ΙΕΡΟΥΣΑΛΗΜ. — Ὁ Μπέν Γκουριόν δέν θά ἀποσυρθῆ τῆς αὐτοαμύνης. Ἡ 18έτις προγονή τοῦ Ρόμπερτ Ταίηλορ εἶναι ὀπιομανής. Ἡ «Δυναμό» Τυφλίδος ἐνίκησεν. Ἀρχαιολογικά εὑρήματα εἰς τό Ἰράκ. Γενική κινητοποίησις εἰς τό Βερολῖνον ἀμερικανῶν στρατιωτῶν.

Η 18ΕΤΙΣ ΠΡΟΓΟΝΗ ΤΟΥ ΡΟΜΠΕΡΤ ΤΑΙΗΛΟΡ ΕΙΝΑΙ ΟΠΙΟΜΑΝΗΣ

ΒΕΛΙΓΡΑΔΙΟΝ, 10. (Ρώυτερ). — Ὁ Κότσα Πόποβιτς θά ἐπισκεφθῆ τήν Βραζιλίαν. ΙΕΡΟΥΣΑΛΗΜ. — Ὁ Μπέν Γκουριόν δέν θά ἀποσυρθῆ τῆς αὐτοαμύνης. Ἡ 18έτις προγονή τοῦ Ρόμπερτ Ταίηλορ εἶναι ὀπιομανής. Ἡ «Δυναμό» Τυφλίδος ἐνίκησεν. Ἀρχαιολογικά εὑρήματα εἰς τό Ἰράκ. Γενική κινητοποίησις εἰς τό Βερολῖνον ἀμερικανῶν στρατιωτῶν.

Η "ΔΥΝΑΜΟ" ΤΥΦΛΙΔΟΣ ΕΝΙΚΗΣΕΝ ΕΙΣ ΤΟ ΑΠΙΣΤΕΥΤ ΤΗΝ ΤΟΥΡΚΙΚΗΝ ΟΜΑΔΑ

ΒΕΛΙΓΡΑΔΙΟΝ, 10. (Ρώυτερ). — Ὁ Κότσα Πόποβιτς θά ἐπισκεφθῆ τήν Βραζιλίαν. ΙΕΡΟΥΣΑΛΗΜ. — Ὁ Μπέν Γκουριόν δέν θά ἀποσυρθῆ τῆς αὐτοαμύνης. Ἡ 18έτις προγονή τοῦ Ρόμπερτ Ταίηλορ εἶναι ὀπιομανής. Ἡ «Δυναμό» Τυφλίδος ἐνίκησεν. Ἀρχαιολογικά εὑρήματα εἰς τό Ἰράκ. Γενική κινητοποίησις εἰς τό Βερολῖνον ἀμερικανῶν στρατιωτῶν.

ΑΡΧΑΙΟΛΟΓΙΚΑ ΕΥΡΗΜΑΤΑ ΕΙΣ ΤΟ ΙΡΑΚ

ΒΕΛΙΓΡΑΔΙΟΝ, 10. (Ρώυτερ). — Ὁ Κότσα Πόποβιτς θά ἐπισκεφθῆ τήν Βραζιλίαν. ΙΕΡΟΥΣΑΛΗΜ. — Ὁ Μπέν Γκουριόν δέν θά ἀποσυρθῆ τῆς αὐτοαμύνης. Ἡ 18έτις προγονή τοῦ Ρόμπερτ Ταίηλορ εἶναι ὀπιομανής. Ἡ «Δυναμό» Τυφλίδος ἐνίκησεν. Ἀρχαιολογικά εὑρήματα εἰς τό Ἰράκ. Γενική κινητοποίησις εἰς τό Βερολῖνον ἀμερικανῶν στρατιωτῶν.

ΓΕΝΙΚΗ ΚΙΝΗΤΟΠΟΙΗΣΙΣ ΕΙΣ ΤΟ ΒΕΡΟΛΙΝΟΝ ΑΜΕΡΙΚΑΝΩΝ ΣΤΡΑΤΙΩΤΩΝ
ΜΕΓΑΛΗ ΑΣΚΗΣΙΣ

ΒΕΛΙΓΡΑΔΙΟΝ, 10. (Ρώυτερ). — Ὁ Κότσα Πόποβιτς θά ἐπισκεφθῆ τήν Βραζιλίαν. ΙΕΡΟΥΣΑΛΗΜ. — Ὁ Μπέν Γκουριόν δέν θά ἀποσυρθῆ τῆς αὐτοαμύνης. Ἡ 18έτις προγονή τοῦ Ρόμπερτ Ταίηλορ εἶναι ὀπιομανής. Ἡ «Δυναμό» Τυφλίδος ἐνίκησεν. Ἀρχαιολογικά εὑρήματα εἰς τό Ἰράκ. Γενική κινητοποίησις εἰς τό Βερολῖνον ἀμερικανῶν στρατιωτῶν.
